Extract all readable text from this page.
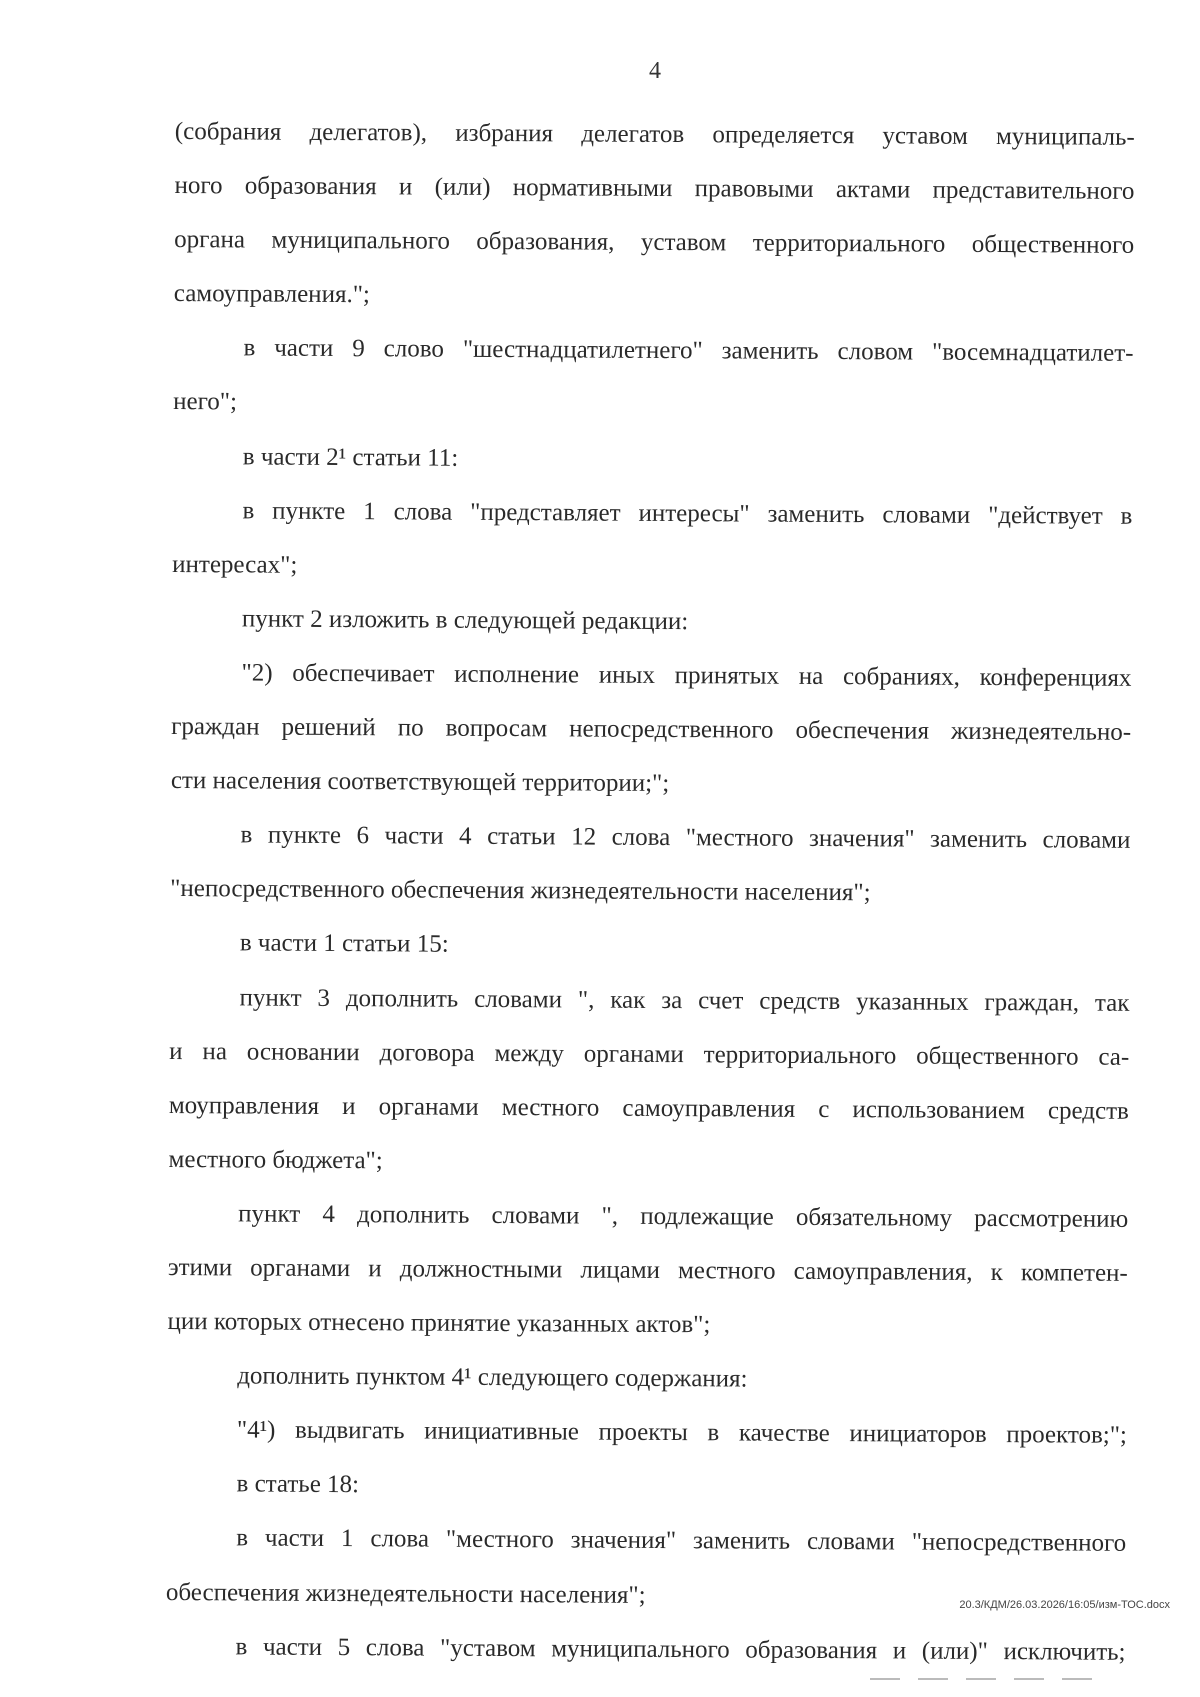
4
(собрания делегатов), избрания делегатов определяется уставом муниципаль-
ного образования и (или) нормативными правовыми актами представительного
органа муниципального образования, уставом территориального общественного
самоуправления.";
в части 9 слово "шестнадцатилетнего" заменить словом "восемнадцатилет-
него";
в части 2¹ статьи 11:
в пункте 1 слова "представляет интересы" заменить словами "действует в
интересах";
пункт 2 изложить в следующей редакции:
"2) обеспечивает исполнение иных принятых на собраниях, конференциях
граждан решений по вопросам непосредственного обеспечения жизнедеятельно-
сти населения соответствующей территории;";
в пункте 6 части 4 статьи 12 слова "местного значения" заменить словами
"непосредственного обеспечения жизнедеятельности населения";
в части 1 статьи 15:
пункт 3 дополнить словами ", как за счет средств указанных граждан, так
и на основании договора между органами территориального общественного са-
моуправления и органами местного самоуправления с использованием средств
местного бюджета";
пункт 4 дополнить словами ", подлежащие обязательному рассмотрению
этими органами и должностными лицами местного самоуправления, к компетен-
ции которых отнесено принятие указанных актов";
дополнить пунктом 4¹ следующего содержания:
"4¹) выдвигать инициативные проекты в качестве инициаторов проектов;";
в статье 18:
в части 1 слова "местного значения" заменить словами "непосредственного
обеспечения жизнедеятельности населения";
в части 5 слова "уставом муниципального образования и (или)" исключить;
20.3/КДМ/26.03.2026/16:05/изм-ТОС.docx
